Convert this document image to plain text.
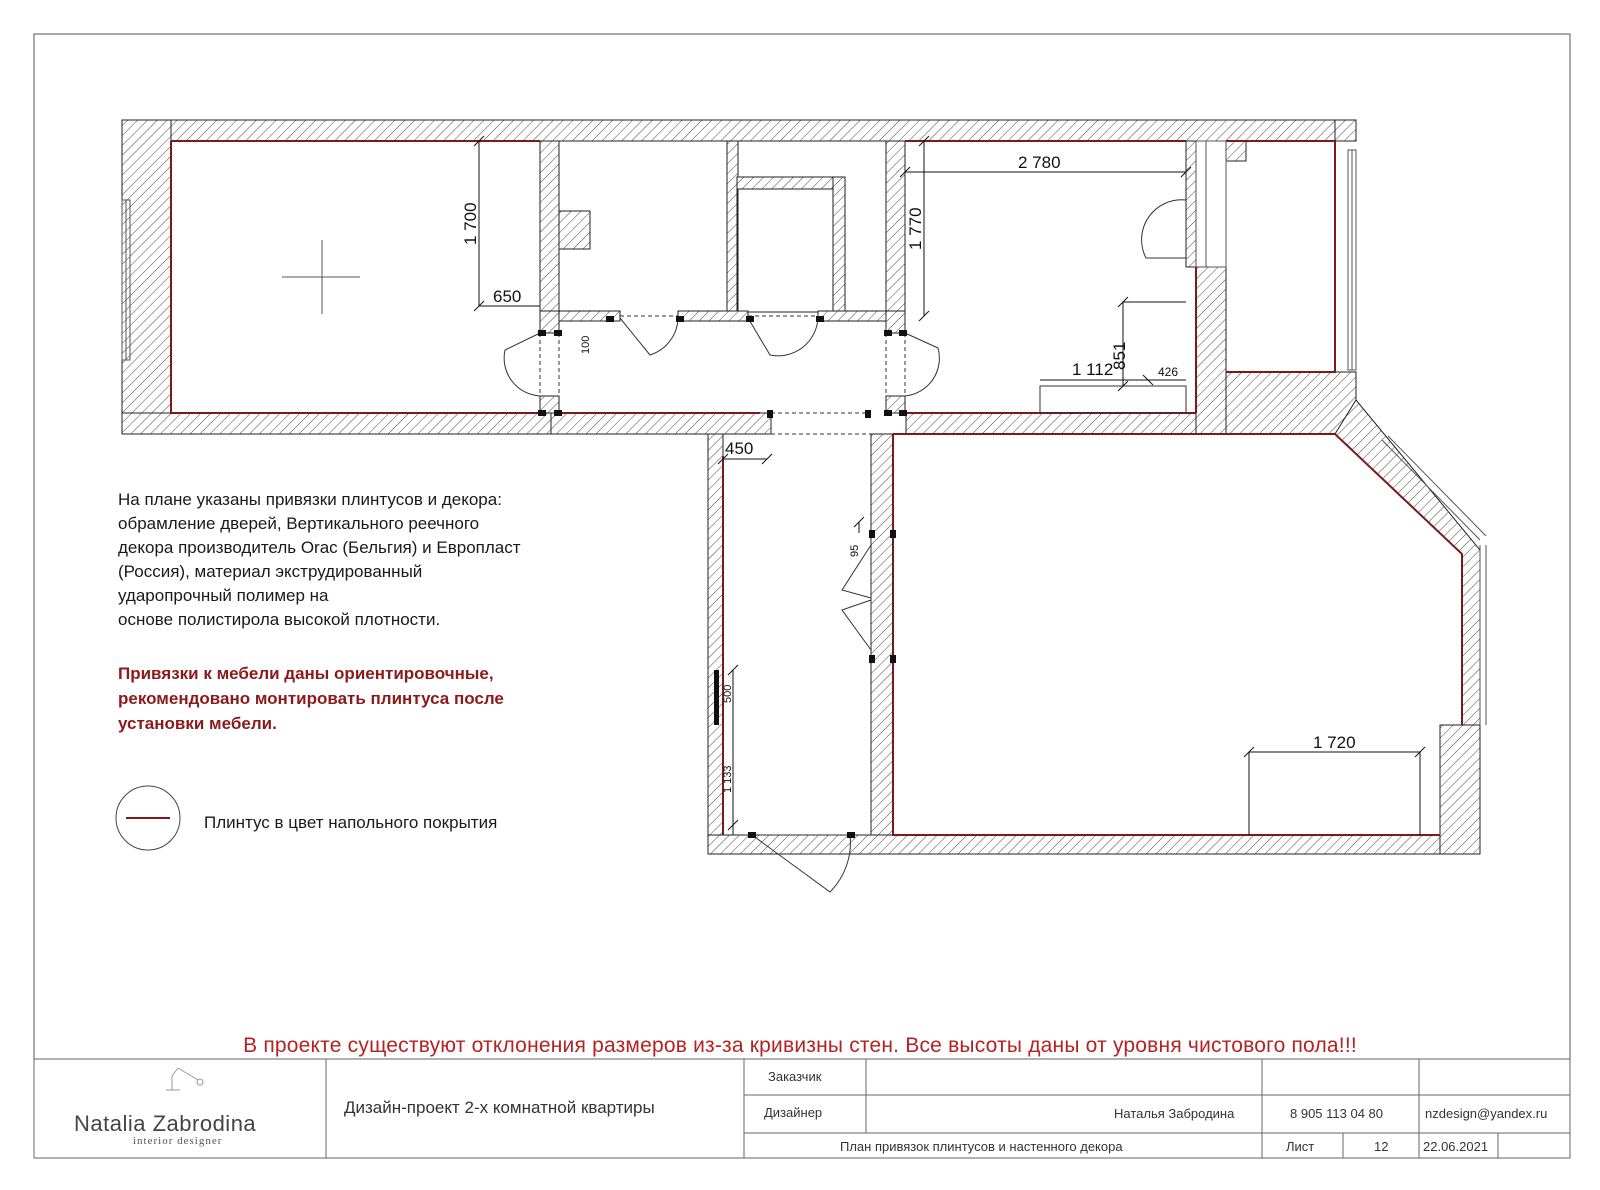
1 700
650
100
1 770
2 780
1 112
851
426
450
95
500
1 133
1 720

На плане указаны привязки плинтусов и декора:

обрамление дверей, Вертикального реечного

декора производитель Orac (Бельгия) и Европласт

(Россия), материал экструдированный

ударопрочный полимер на

основе полистирола высокой плотности.

Привязки к мебели даны ориентировочные,

рекомендовано монтировать плинтуса после

установки мебели.

Плинтус в цвет напольного покрытия
В проекте существуют отклонения размеров из-за кривизны стен. Все высоты даны от уровня чистового пола!!!
Natalia Zabrodina
interior designer
Дизайн-проект 2-х комнатной квартиры
Заказчик
Дизайнер	Наталья Забродина	8 905 113 04 80	nzdesign@yandex.ru
План привязок плинтусов и настенного декора	Лист	12	22.06.2021
